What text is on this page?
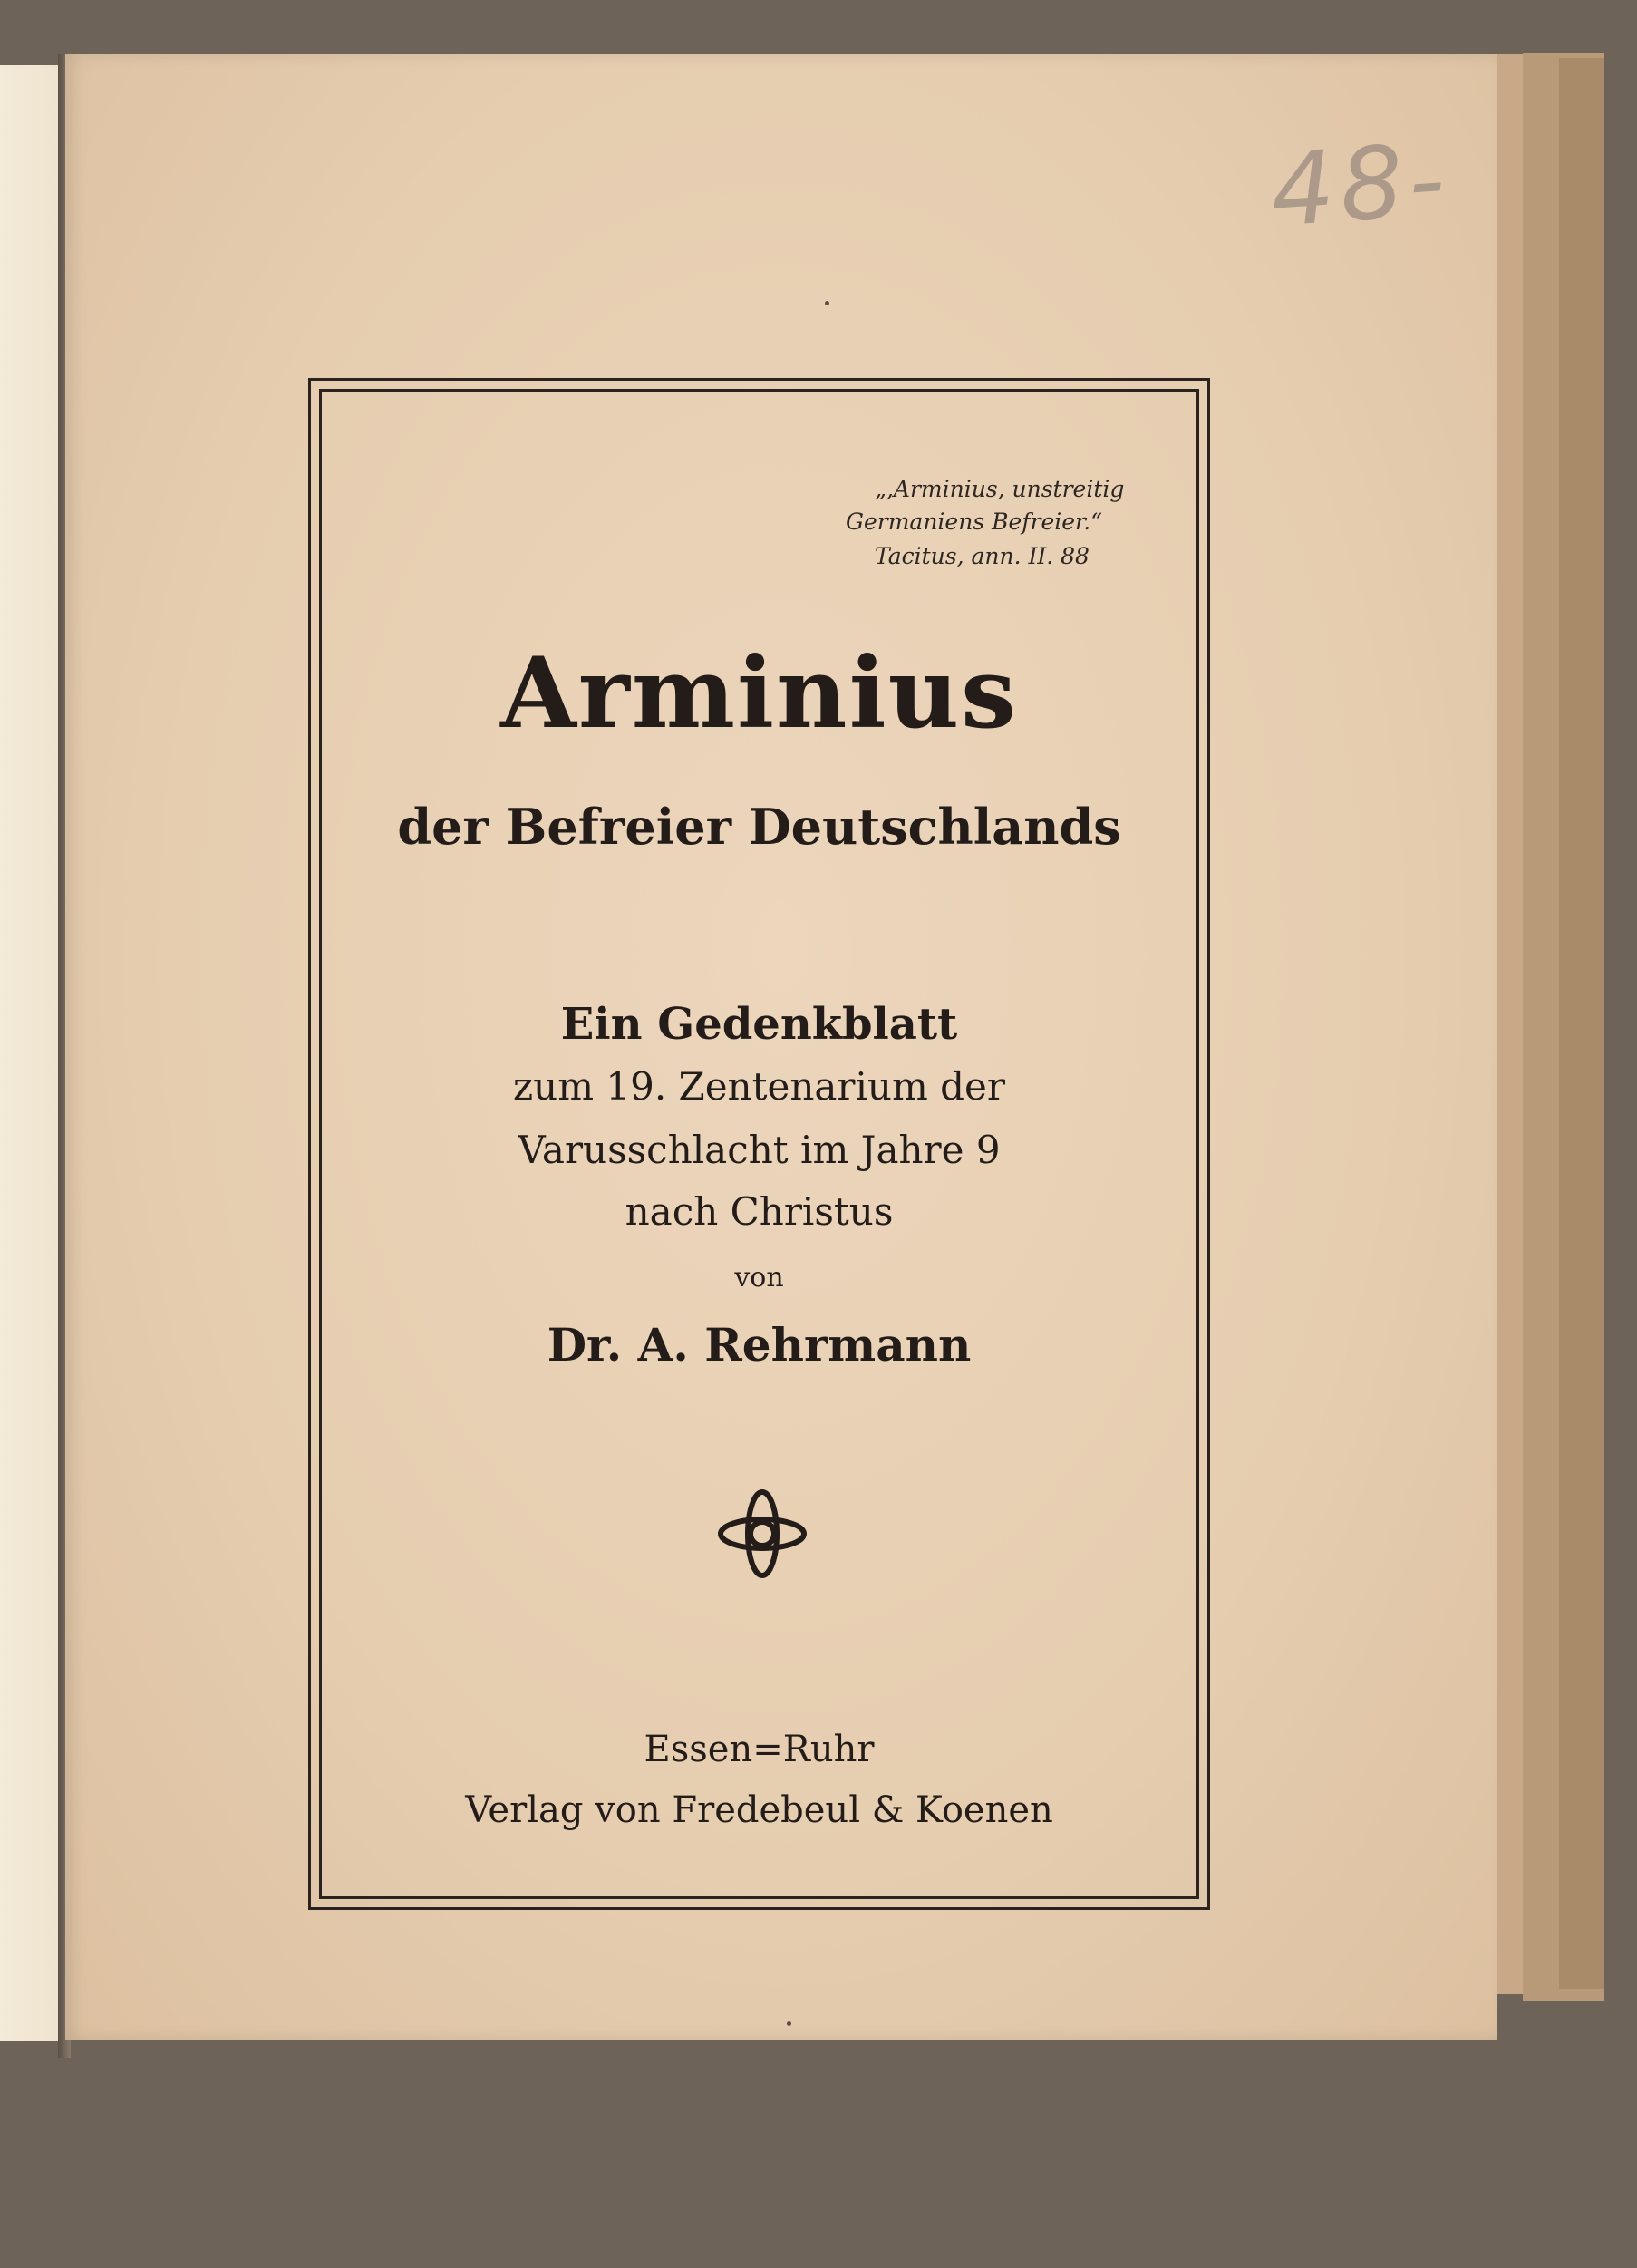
48-
„,Arminius, unstreitig
Germaniens Befreier.“
Tacitus, ann. II. 88
Arminius
der Befreier Deutschlands
Ein Gedenkblatt
zum 19. Zentenarium der
Varusschlacht im Jahre 9
nach Christus
von
Dr. A. Rehrmann
Essen=Ruhr
Verlag von Fredebeul & Koenen
